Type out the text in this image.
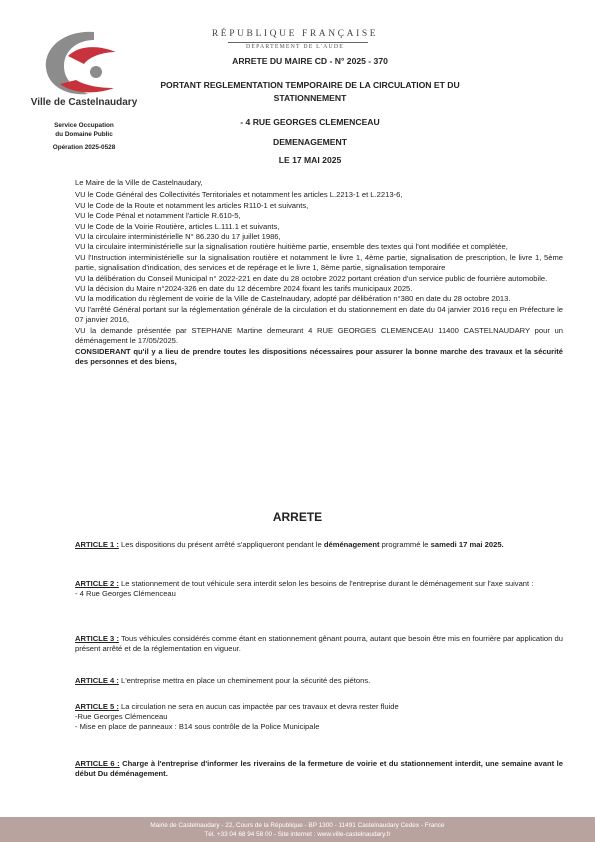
Ville de Castelnaudary
Service Occupation
du Domaine Public
Opération 2025-0528
RÉPUBLIQUE FRANÇAISE
DÉPARTEMENT DE L'AUDE
ARRETE DU MAIRE CD - N° 2025 - 370
PORTANT REGLEMENTATION TEMPORAIRE DE LA CIRCULATION ET DU
STATIONNEMENT
- 4 RUE GEORGES CLEMENCEAU
DEMENAGEMENT
LE 17 MAI 2025

Le Maire de la Ville de Castelnaudary,

VU le Code Général des Collectivités Territoriales et notamment les articles L.2213-1 et L.2213-6,

VU le Code de la Route et notamment les articles R110-1 et suivants,

VU le Code Pénal et notamment l'article R.610-5,

VU le Code de la Voirie Routière, articles L.111.1 et suivants,

VU la circulaire interministérielle N° 86.230 du 17 juillet 1986,

VU la circulaire interministérielle sur la signalisation routière huitième partie, ensemble des textes qui l'ont modifiée et complétée,

VU l'Instruction interministérielle sur la signalisation routière et notamment le livre 1, 4ème partie, signalisation de prescription, le livre 1, 5ème partie, signalisation d'indication, des services et de repérage et le livre 1, 8ème partie, signalisation temporaire

VU la délibération du Conseil Municipal n° 2022-221 en date du 28 octobre 2022 portant création d'un service public de fourrière automobile.

VU la décision du Maire n°2024-326 en date du 12 décembre 2024 fixant les tarifs municipaux 2025.

VU la modification du règlement de voirie de la Ville de Castelnaudary, adopté par délibération n°380 en date du 28 octobre 2013.

VU l'arrêté Général portant sur la réglementation générale de la circulation et du stationnement en date du 04 janvier 2016 reçu en Préfecture le 07 janvier 2016,

VU la demande présentée par STEPHANE Martine demeurant 4 RUE GEORGES CLEMENCEAU 11400 CASTELNAUDARY pour un déménagement le 17/05/2025.

CONSIDERANT qu'il y a lieu de prendre toutes les dispositions nécessaires pour assurer la bonne marche des travaux et la sécurité des personnes et des biens,

ARRETE

ARTICLE 1 : Les dispositions du présent arrêté s'appliqueront pendant le déménagement programmé le samedi 17 mai 2025.

ARTICLE 2 : Le stationnement de tout véhicule sera interdit selon les besoins de l'entreprise durant le déménagement sur l'axe suivant :

- 4 Rue Georges Clémenceau

ARTICLE 3 : Tous véhicules considérés comme étant en stationnement gênant pourra, autant que besoin être mis en fourrière par application du présent arrêté et de la réglementation en vigueur.

ARTICLE 4 : L'entreprise mettra en place un cheminement pour la sécurité des piétons.

ARTICLE 5 : La circulation ne sera en aucun cas impactée par ces travaux et devra rester fluide

-Rue Georges Clémenceau

- Mise en place de panneaux : B14 sous contrôle de la Police Municipale

ARTICLE 6 : Charge à l'entreprise d'informer les riverains de la fermeture de voirie et du stationnement interdit, une semaine avant le début Du déménagement.

Mairie de Castelnaudary - 22, Cours de la République - BP 1300 - 11491 Castelnaudary Cedex - France
Tél. +33 04 68 94 58 00 - Site internet : www.ville-castelnaudary.fr
